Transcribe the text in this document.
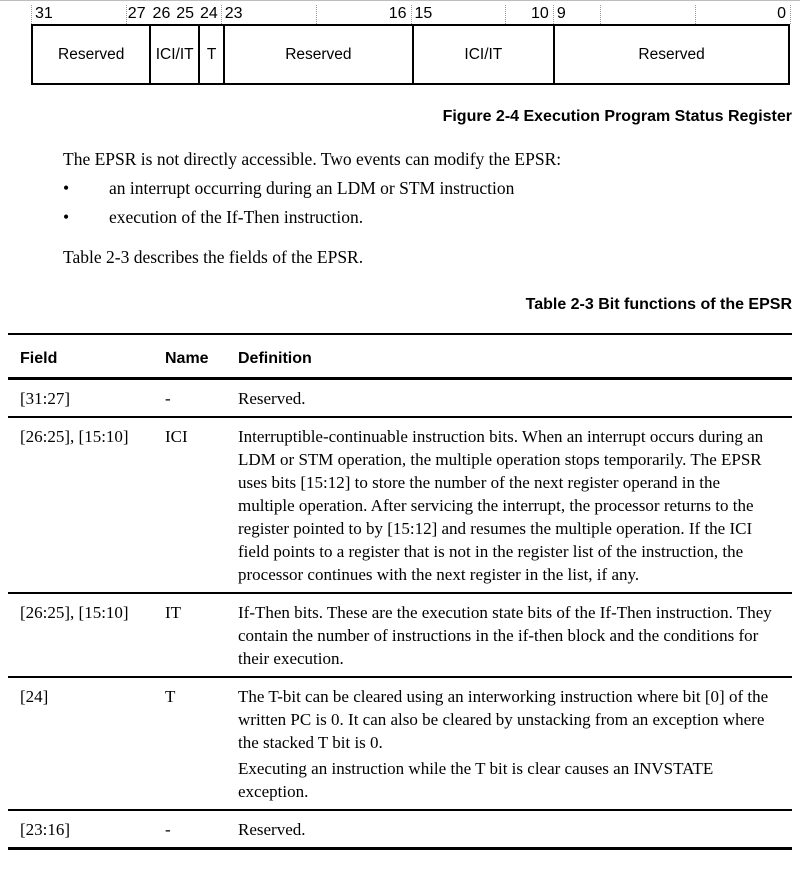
31	27 26 25 24 23	16 15	10 9	0
Reserved	ICI/IT T	Reserved	ICI/IT	Reserved
Figure 2-4 Execution Program Status Register

The EPSR is not directly accessible. Two events can modify the EPSR:

•	an interrupt occurring during an LDM or STM instruction
•	execution of the If-Then instruction.

Table 2-3 describes the fields of the EPSR.

Table 2-3 Bit functions of the EPSR
Field	Name	Definition
[31:27]	-	Reserved.

[26:25], [15:10]	ICI	Interruptible-continuable instruction bits. When an interrupt occurs during an LDM or STM operation, the multiple operation stops temporarily. The EPSR uses bits [15:12] to store the number of the next register operand in the multiple operation. After servicing the interrupt, the processor returns to the register pointed to by [15:12] and resumes the multiple operation. If the ICI field points to a register that is not in the register list of the instruction, the processor continues with the next register in the list, if any.

[26:25], [15:10]	IT	If-Then bits. These are the execution state bits of the If-Then instruction. They contain the number of instructions in the if-then block and the conditions for their execution.

[24]	T	The T-bit can be cleared using an interworking instruction where bit [0] of the written PC is 0. It can also be cleared by unstacking from an exception where the stacked T bit is 0.

Executing an instruction while the T bit is clear causes an INVSTATE exception.

[23:16]	-	Reserved.
